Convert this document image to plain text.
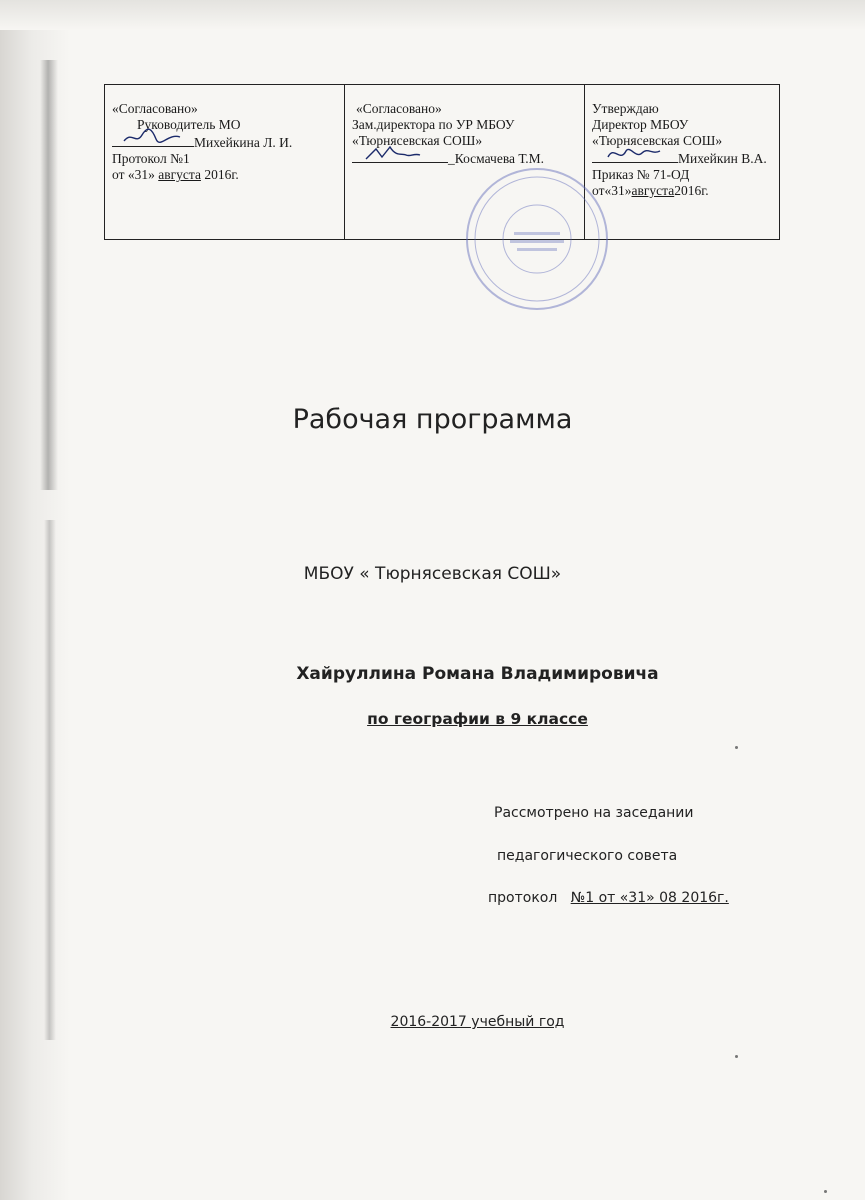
«Согласовано»
Руководитель МО
Михейкина Л. И.
Протокол №1
от «31» августа 2016г.

«Согласовано»
Зам.директора по УР МБОУ
«Тюрнясевская СОШ»
_Космачева Т.М.

Утверждаю
Директор МБОУ
«Тюрнясевская СОШ»
Михейкин В.А.
Приказ № 71-ОД
от«31»августа2016г.
Рабочая программа
МБОУ « Тюрнясевская СОШ»
Хайруллина Романа Владимировича
по географии в 9 классе
Рассмотрено на заседании
педагогического совета
протокол №1 от «31» 08 2016г.
2016-2017 учебный год
